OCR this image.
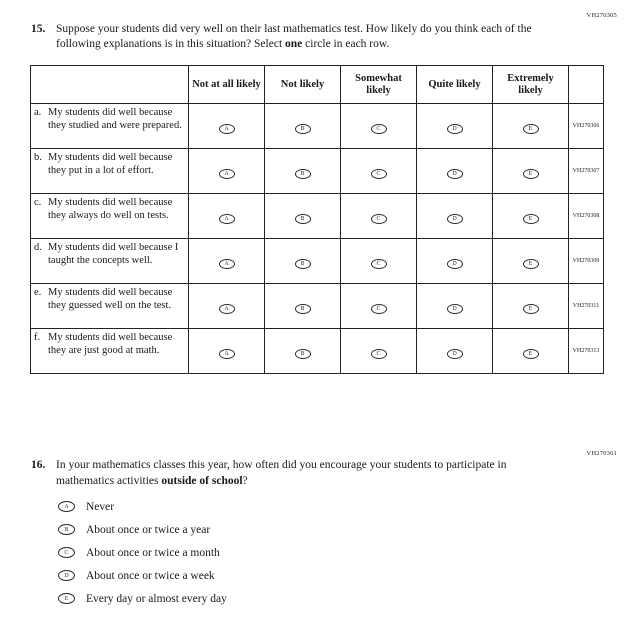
VH270305
15. Suppose your students did very well on their last mathematics test. How likely do you think each of the following explanations is in this situation? Select one circle in each row.
	Not at all likely	Not likely	Somewhat likely	Quite likely	Extremely likely	

a. My students did well because they studied and were prepared.	A	B	C	D	E	VH270306

b. My students did well because they put in a lot of effort.	A	B	C	D	E	VH270307

c. My students did well because they always do well on tests.	A	B	C	D	E	VH270308

d. My students did well because I taught the concepts well.	A	B	C	D	E	VH270309

e. My students did well because they guessed well on the test.	A	B	C	D	E	VH270311

f. My students did well because they are just good at math.	A	B	C	D	E	VH270313
VH270361
16. In your mathematics classes this year, how often did you encourage your students to participate in mathematics activities outside of school?
A Never
B About once or twice a year
C About once or twice a month
D About once or twice a week
E Every day or almost every day
